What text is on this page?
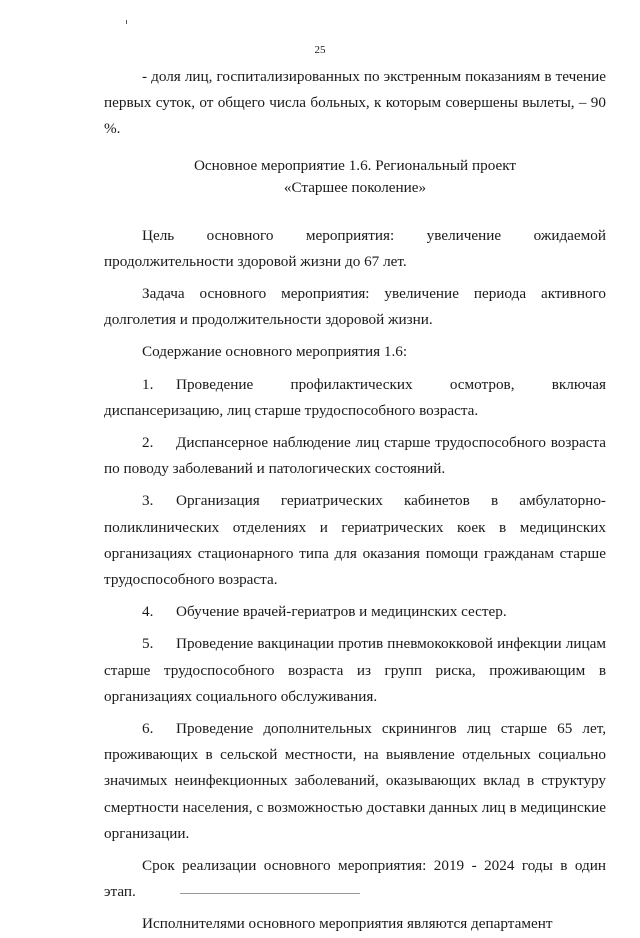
25

- доля лиц, госпитализированных по экстренным показаниям в течение первых суток, от общего числа больных, к которым совершены вылеты, – 90 %.

Основное мероприятие 1.6. Региональный проект
«Старшее поколение»

Цель основного мероприятия: увеличение ожидаемой продолжительности здоровой жизни до 67 лет.

Задача основного мероприятия: увеличение периода активного долголетия и продолжительности здоровой жизни.

Содержание основного мероприятия 1.6:

1. Проведение профилактических осмотров, включая диспансеризацию, лиц старше трудоспособного возраста.

2. Диспансерное наблюдение лиц старше трудоспособного возраста по поводу заболеваний и патологических состояний.

3. Организация гериатрических кабинетов в амбулаторно-поликлинических отделениях и гериатрических коек в медицинских организациях стационарного типа для оказания помощи гражданам старше трудоспособного возраста.

4. Обучение врачей-гериатров и медицинских сестер.

5. Проведение вакцинации против пневмококковой инфекции лицам старше трудоспособного возраста из групп риска, проживающим в организациях социального обслуживания.

6. Проведение дополнительных скринингов лиц старше 65 лет, проживающих в сельской местности, на выявление отдельных социально значимых неинфекционных заболеваний, оказывающих вклад в структуру смертности населения, с возможностью доставки данных лиц в медицинские организации.

Срок реализации основного мероприятия: 2019 - 2024 годы в один этап.

Исполнителями основного мероприятия являются департамент
